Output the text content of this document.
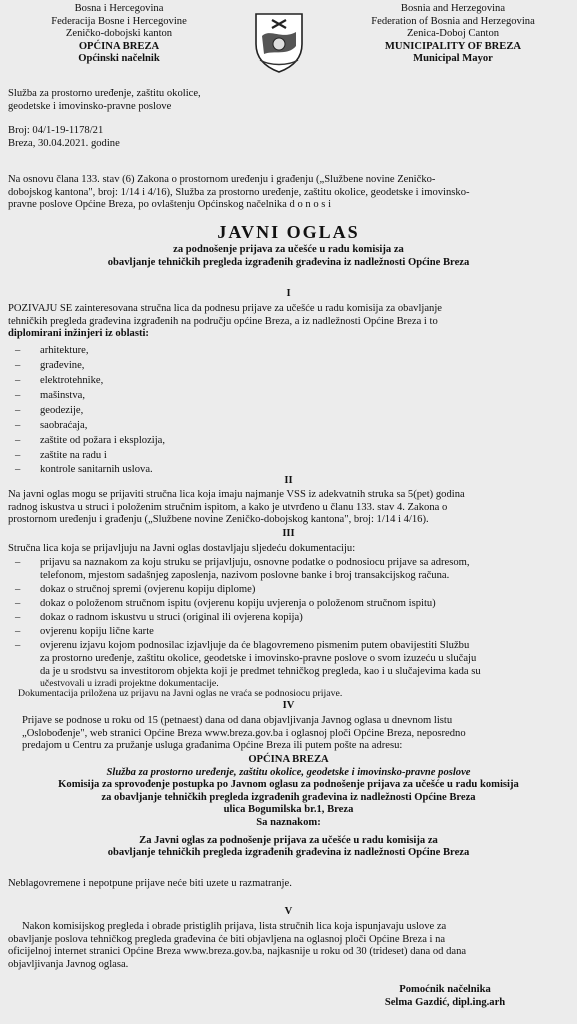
Bosna i Hercegovina
Federacija Bosne i Hercegovine
Zeničko-dobojski kanton
OPĆINA BREZA
Općinski načelnik
Bosnia and Herzegovina
Federation of Bosnia and Herzegovina
Zenica-Doboj Canton
MUNICIPALITY OF BREZA
Municipal Mayor
Služba za prostorno uređenje, zaštitu okolice,
geodetske i imovinsko-pravne poslove
Broj: 04/1-19-1178/21
Breza, 30.04.2021. godine
Na osnovu člana 133. stav (6) Zakona o prostornom uređenju i građenju („Službene novine Zeničko-
dobojskog kantona", broj: 1/14 i 4/16), Služba za prostorno uređenje, zaštitu okolice, geodetske i imovinsko-
pravne poslove Općine Breza, po ovlaštenju Općinskog načelnika d o n o s i
JAVNI OGLAS
za podnošenje prijava za učešće u radu komisija za
obavljanje tehničkih pregleda izgrađenih građevina iz nadležnosti Općine Breza
I
POZIVAJU SE zainteresovana stručna lica da podnesu prijave za učešće u radu komisija za obavljanje
tehničkih pregleda građevina izgrađenih na području općine Breza, a iz nadležnosti Općine Breza i to
diplomirani inžinjeri iz oblasti:
– arhitekture,
– građevine,
– elektrotehnike,
– mašinstva,
– geodezije,
– saobraćaja,
– zaštite od požara i eksplozija,
– zaštite na radu i
– kontrole sanitarnih uslova.
II
Na javni oglas mogu se prijaviti stručna lica koja imaju najmanje VSS iz adekvatnih struka sa 5(pet) godina
radnog iskustva u struci i položenim stručnim ispitom, a kako je utvrđeno u članu 133. stav 4. Zakona o
prostornom uređenju i građenju („Službene novine Zeničko-dobojskog kantona", broj: 1/14 i 4/16).
III
Stručna lica koja se prijavljuju na Javni oglas dostavljaju sljedeću dokumentaciju:
– prijavu sa naznakom za koju struku se prijavljuju, osnovne podatke o podnosiocu prijave sa adresom,
telefonom, mjestom sadašnjeg zaposlenja, nazivom poslovne banke i broj transakcijskog računa.
– dokaz o stručnoj spremi (ovjerenu kopiju diplome)
– dokaz o položenom stručnom ispitu (ovjerenu kopiju uvjerenja o položenom stručnom ispitu)
– dokaz o radnom iskustvu u struci (original ili ovjerena kopija)
– ovjerenu kopiju lične karte
– ovjerenu izjavu kojom podnosilac izjavljuje da će blagovremeno pismenim putem obavijestiti Službu
za prostorno uređenje, zaštitu okolice, geodetske i imovinsko-pravne poslove o svom izuzeću u slučaju
da je u srodstvu sa investitorom objekta koji je predmet tehničkog pregleda, kao i u slučajevima kada su
učestvovali u izradi projektne dokumentacije.
Dokumentacija priložena uz prijavu na Javni oglas ne vraća se podnosiocu prijave.
IV
Prijave se podnose u roku od 15 (petnaest) dana od dana objavljivanja Javnog oglasa u dnevnom listu
„Oslobođenje", web stranici Općine Breza www.breza.gov.ba i oglasnoj ploči Općine Breza, neposredno
predajom u Centru za pružanje usluga građanima Općine Breza ili putem pošte na adresu:
OPĆINA BREZA
Služba za prostorno uređenje, zaštitu okolice, geodetske i imovinsko-pravne poslove
Komisija za sprovođenje postupka po Javnom oglasu za podnošenje prijava za učešće u radu komisija
za obavljanje tehničkih pregleda izgrađenih građevina iz nadležnosti Općine Breza
ulica Bogumilska br.1, Breza
Sa naznakom:
Za Javni oglas za podnošenje prijava za učešće u radu komisija za
obavljanje tehničkih pregleda izgrađenih građevina iz nadležnosti Općine Breza
Neblagovremene i nepotpune prijave neće biti uzete u razmatranje.
V
Nakon komisijskog pregleda i obrade pristiglih prijava, lista stručnih lica koja ispunjavaju uslove za
obavljanje poslova tehničkog pregleda građevina će biti objavljena na oglasnoj ploči Općine Breza i na
oficijelnoj internet stranici Općine Breza www.breza.gov.ba, najkasnije u roku od 30 (trideset) dana od dana
objavljivanja Javnog oglasa.
Pomoćnik načelnika
Selma Gazdić, dipl.ing.arh
